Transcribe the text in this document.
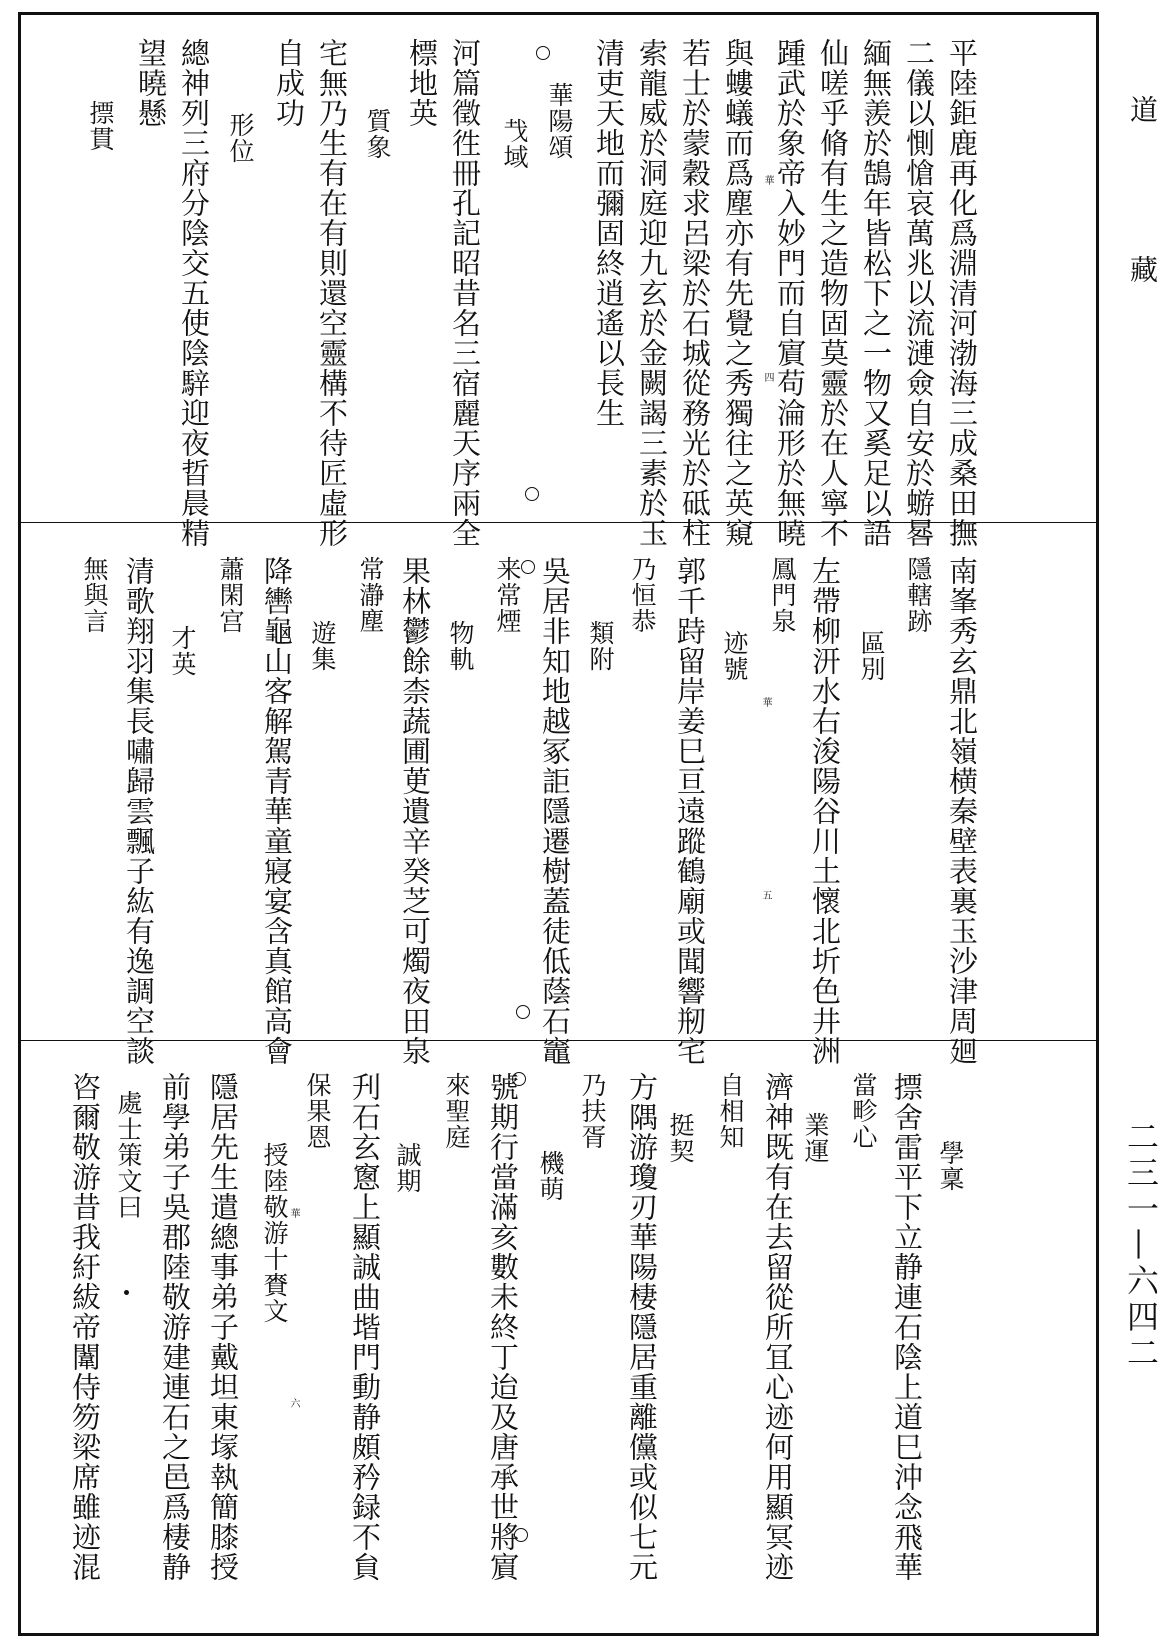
道
藏
二三一—六四二
平陸鉅鹿再化爲淵清河渤海三成桑田撫
二儀以惻愴哀萬兆以流漣僉自安於蝣晷
緬無羨於鵠年皆松下之一物又奚足以語
仙嗟乎脩有生之造物固莫靈於在人寧不
踵武於象帝入妙門而自賔苟淪形於無曉
與螻蟻而爲塵亦有先覺之秀獨往之英窺
若士於蒙穀求呂梁於石城從務光於砥柱
索龍威於洞庭迎九玄於金闕謁三素於玉
清吏天地而彌固終逍遙以長生
華陽頌
𢦏域
河篇徵徃冊孔記昭昔名三宿麗天序兩全
標地英
質象
宅無乃生有在有則還空靈構不待匠虛形
自成功
形位
總神列三府分陰交五使陰騂迎夜晢晨精
望曉懸
摽貫
華
四
南峯秀玄鼎北嶺横秦壁表裏玉沙津周廻
隱轄跡
區別
左帶柳汧水右浚陽谷川土懷北圻色井洲
鳳門泉
迹號
郭千跱留岸姜巳亘遠蹤鶴廟或聞響剏宅
乃恒恭
類附
吳居非知地越冢詎隱遷樹蓋徒低蔭石竈
来常煙
物軌
果林鬱餘柰蔬圃茰遺辛癸芝可燭夜田泉
常瀞塵
遊集
降轡龜山客解駕青華童寢宴含真館高會
蕭閑宫
才英
清歌翔羽集長嘯歸雲飄子紘有逸調空談
無與言
華
五
學稟
摽舍雷平下立静連石陰上道巳沖念飛華
當畛心
業運
濟神既有在去留從所冝心迹何用顯冥迹
自相知
挺契
方隅游瓊刃華陽棲隱居重離儻或似七元
乃扶胥
機萌
號期行當滿亥數未終丁迨及唐承世將賔
來聖庭
誠期
刋石玄窻上顯誠曲堦門動静頗矜録不貟
保果恩
授陸敬游十賚文
隱居先生遣總事弟子戴坦東塜執簡膝授
前學弟子吳郡陸敬游建連石之邑爲棲静
處士策文曰
咨爾敬游昔我紆紱帝闈侍笏梁席雖迹混	華
六
